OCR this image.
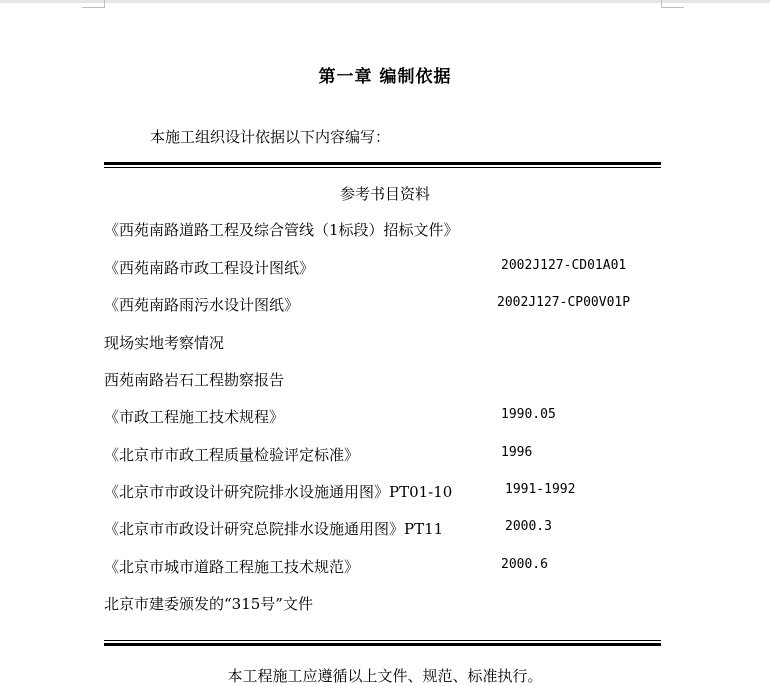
第一章 编制依据
本施工组织设计依据以下内容编写：
参考书目资料
《西苑南路道路工程及综合管线（1标段）招标文件》
《西苑南路市政工程设计图纸》	2002J127-CD01A01
《西苑南路雨污水设计图纸》	2002J127-CP00V01P
现场实地考察情况
西苑南路岩石工程勘察报告
《市政工程施工技术规程》	1990.05
《北京市市政工程质量检验评定标准》	1996
《北京市市政设计研究院排水设施通用图》PT01-10	1991-1992
《北京市市政设计研究总院排水设施通用图》PT11	2000.3
《北京市城市道路工程施工技术规范》	2000.6
北京市建委颁发的“315号”文件
本工程施工应遵循以上文件、规范、标准执行。
